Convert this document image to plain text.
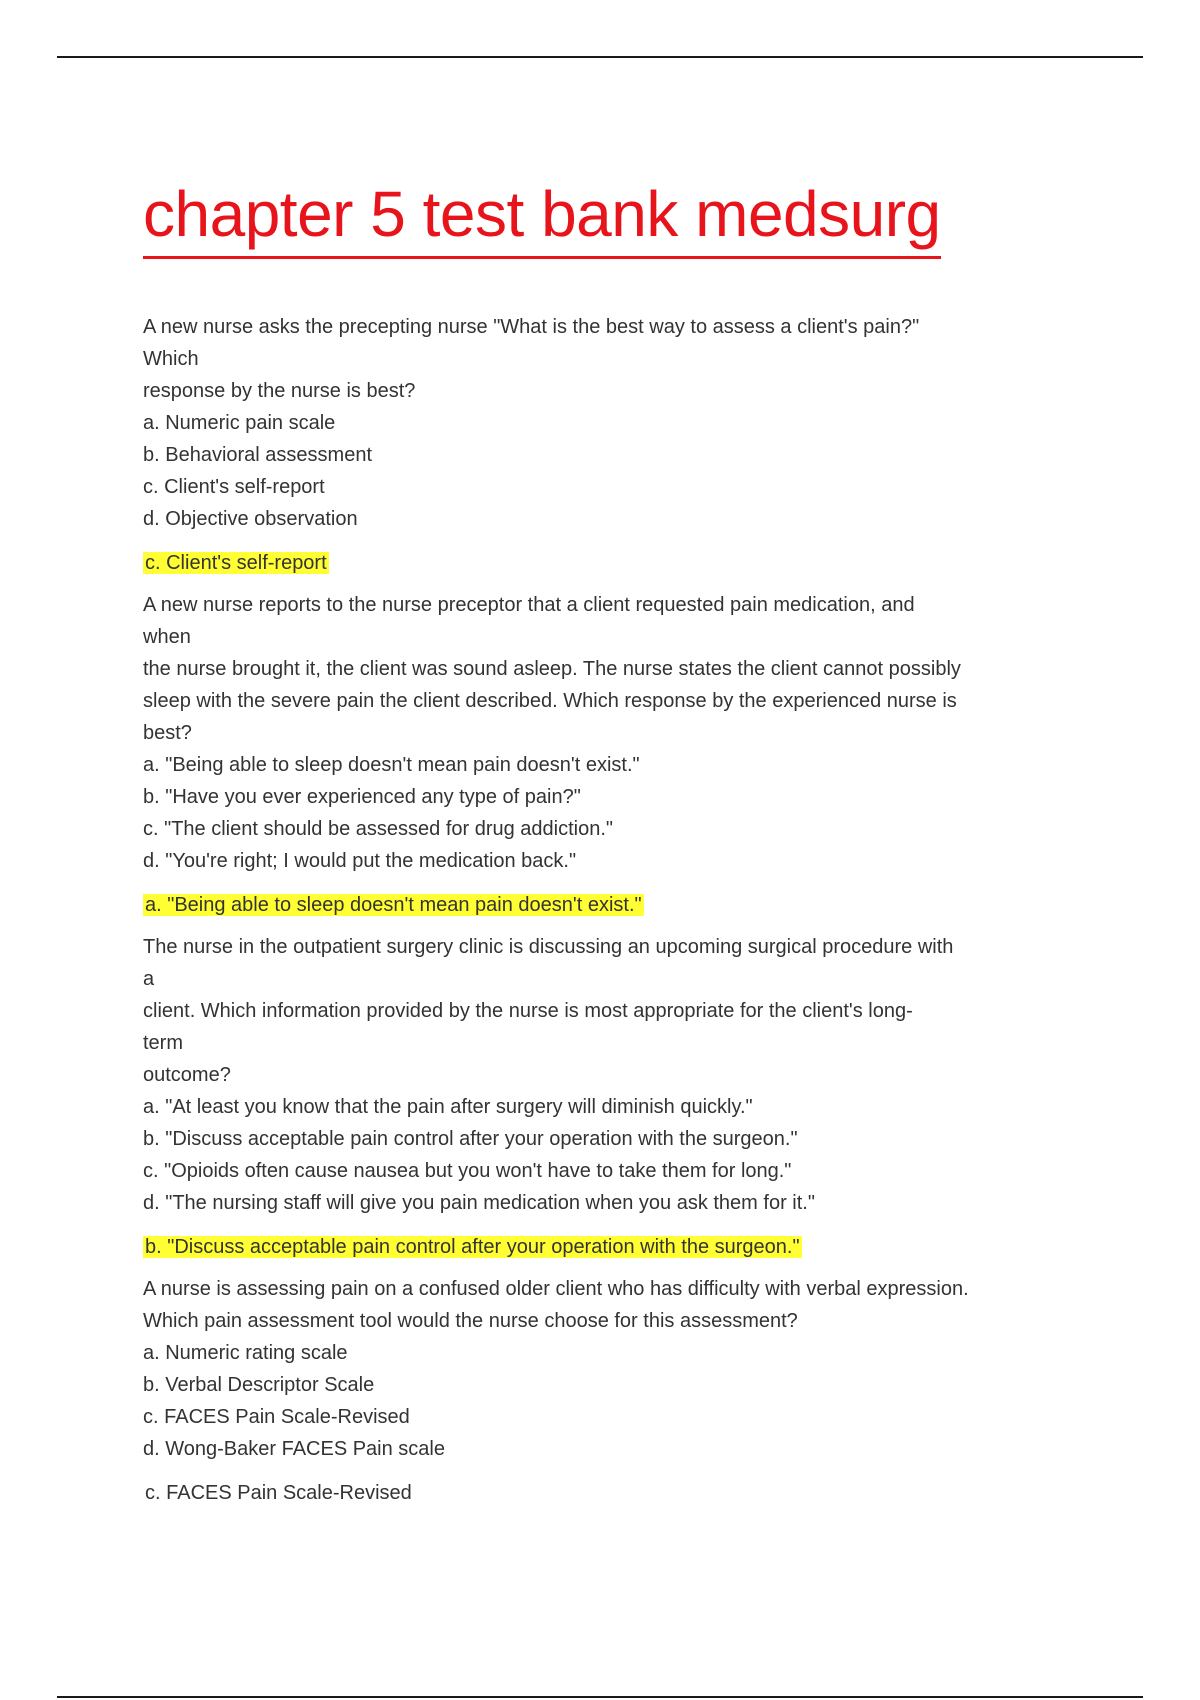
chapter 5 test bank medsurg

A new nurse asks the precepting nurse "What is the best way to assess a client's pain?"

Which

response by the nurse is best?

a. Numeric pain scale

b. Behavioral assessment

c. Client's self-report

d. Objective observation

c. Client's self-report

A new nurse reports to the nurse preceptor that a client requested pain medication, and

when

the nurse brought it, the client was sound asleep. The nurse states the client cannot possibly

sleep with the severe pain the client described. Which response by the experienced nurse is

best?

a. "Being able to sleep doesn't mean pain doesn't exist."

b. "Have you ever experienced any type of pain?"

c. "The client should be assessed for drug addiction."

d. "You're right; I would put the medication back."

a. "Being able to sleep doesn't mean pain doesn't exist."

The nurse in the outpatient surgery clinic is discussing an upcoming surgical procedure with

a

client. Which information provided by the nurse is most appropriate for the client's long-

term

outcome?

a. "At least you know that the pain after surgery will diminish quickly."

b. "Discuss acceptable pain control after your operation with the surgeon."

c. "Opioids often cause nausea but you won't have to take them for long."

d. "The nursing staff will give you pain medication when you ask them for it."

b. "Discuss acceptable pain control after your operation with the surgeon."

A nurse is assessing pain on a confused older client who has difficulty with verbal expression.

Which pain assessment tool would the nurse choose for this assessment?

a. Numeric rating scale

b. Verbal Descriptor Scale

c. FACES Pain Scale-Revised

d. Wong-Baker FACES Pain scale

c. FACES Pain Scale-Revised
